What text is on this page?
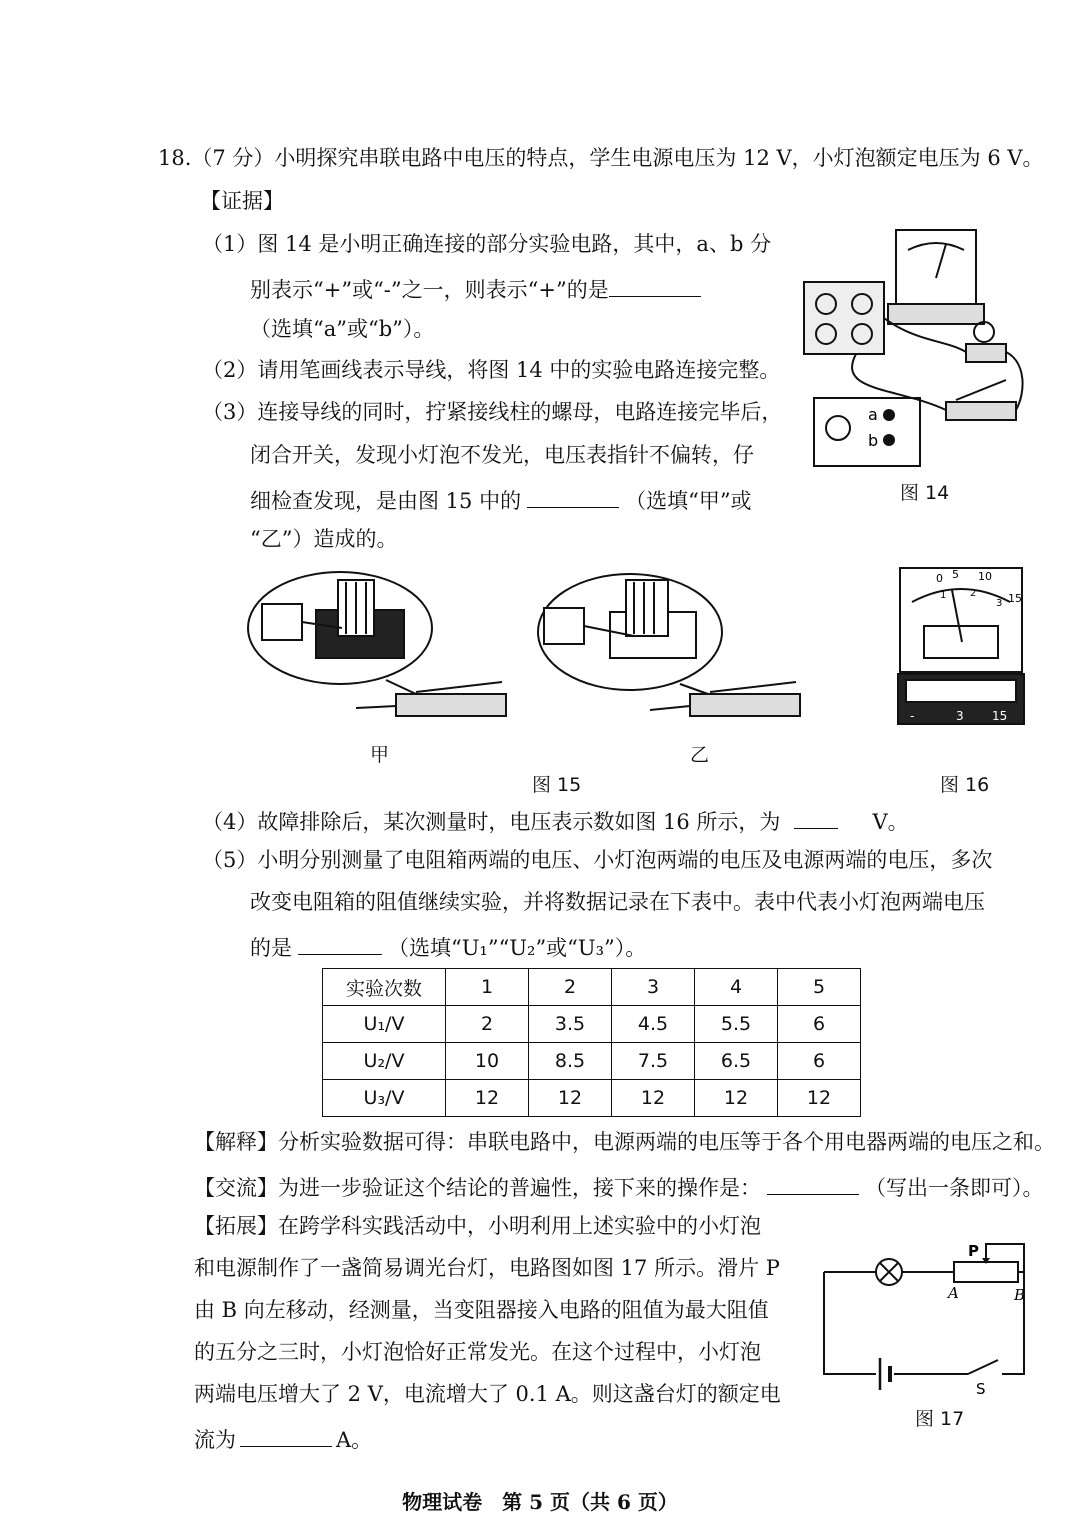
18.（7 分）小明探究串联电路中电压的特点，学生电源电压为 12 V，小灯泡额定电压为 6 V。
【证据】
（1）图 14 是小明正确连接的部分实验电路，其中，a、b 分
别表示“+”或“-”之一，则表示“+”的是
（选填“a”或“b”）。
（2）请用笔画线表示导线，将图 14 中的实验电路连接完整。
（3）连接导线的同时，拧紧接线柱的螺母，电路连接完毕后，
闭合开关，发现小灯泡不发光，电压表指针不偏转，仔
细检查发现，是由图 15 中的	（选填“甲”或
“乙”）造成的。
a
b
图 14
甲	乙
图 15
0 5 10
15
1 2
3
-	3 15
图 16
（4）故障排除后，某次测量时，电压表示数如图 16 所示，为	V。
（5）小明分别测量了电阻箱两端的电压、小灯泡两端的电压及电源两端的电压，多次
改变电阻箱的阻值继续实验，并将数据记录在下表中。表中代表小灯泡两端电压
的是	（选填“U₁”“U₂”或“U₃”）。
实验次数	1	2	3	4	5
U₁/V	2	3.5	4.5	5.5	6
U₂/V	10	8.5	7.5	6.5	6
U₃/V	12	12	12	12	12
【解释】分析实验数据可得：串联电路中，电源两端的电压等于各个用电器两端的电压之和。
【交流】为进一步验证这个结论的普遍性，接下来的操作是：	（写出一条即可）。
【拓展】在跨学科实践活动中，小明利用上述实验中的小灯泡
和电源制作了一盏简易调光台灯，电路图如图 17 所示。滑片 P
由 B 向左移动，经测量，当变阻器接入电路的阻值为最大阻值
的五分之三时，小灯泡恰好正常发光。在这个过程中，小灯泡
两端电压增大了 2 V，电流增大了 0.1 A。则这盏台灯的额定电
流为	A。
P
A	B
S
图 17
物理试卷　第 5 页（共 6 页）
